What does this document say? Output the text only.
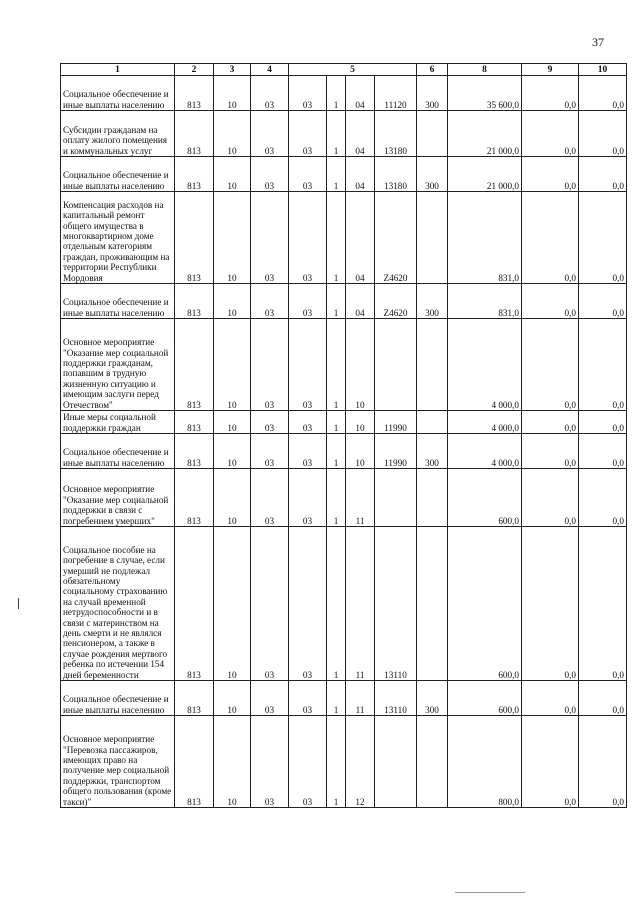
37
1	2	3	4	5				6	8	9	10
Социальное обеспечение и иные выплаты населению	813	10	03	03	1	04	11120	300	35 600,0	0,0	0,0
Субсидии гражданам на оплату жилого помещения и коммунальных услуг	813	10	03	03	1	04	13180		21 000,0	0,0	0,0
Социальное обеспечение и иные выплаты населению	813	10	03	03	1	04	13180	300	21 000,0	0,0	0,0
Компенсация расходов на капитальный ремонт общего имущества в многоквартирном доме отдельным категориям граждан, проживающим на территории Республики Мордовия	813	10	03	03	1	04	Z4620		831,0	0,0	0,0
Социальное обеспечение и иные выплаты населению	813	10	03	03	1	04	Z4620	300	831,0	0,0	0,0
Основное мероприятие "Оказание мер социальной поддержки гражданам, попавшим в трудную жизненную ситуацию и имеющим заслуги перед Отечеством"	813	10	03	03	1	10			4 000,0	0,0	0,0
Иные меры социальной поддержки граждан	813	10	03	03	1	10	11990		4 000,0	0,0	0,0
Социальное обеспечение и иные выплаты населению	813	10	03	03	1	10	11990	300	4 000,0	0,0	0,0
Основное мероприятие "Оказание мер социальной поддержки в связи с погребением умерших"	813	10	03	03	1	11			600,0	0,0	0,0
Социальное пособие на погребение в случае, если умерший не подлежал обязательному социальному страхованию на случай временной нетрудоспособности и в связи с материнством на день смерти и не являлся пенсионером, а также в случае рождения мертвого ребенка по истечении 154 дней беременности	813	10	03	03	1	11	13110		600,0	0,0	0,0
Социальное обеспечение и иные выплаты населению	813	10	03	03	1	11	13110	300	600,0	0,0	0,0
Основное мероприятие "Перевозка пассажиров, имеющих право на получение мер социальной поддержки, транспортом общего пользования (кроме такси)"	813	10	03	03	1	12			800,0	0,0	0,0
